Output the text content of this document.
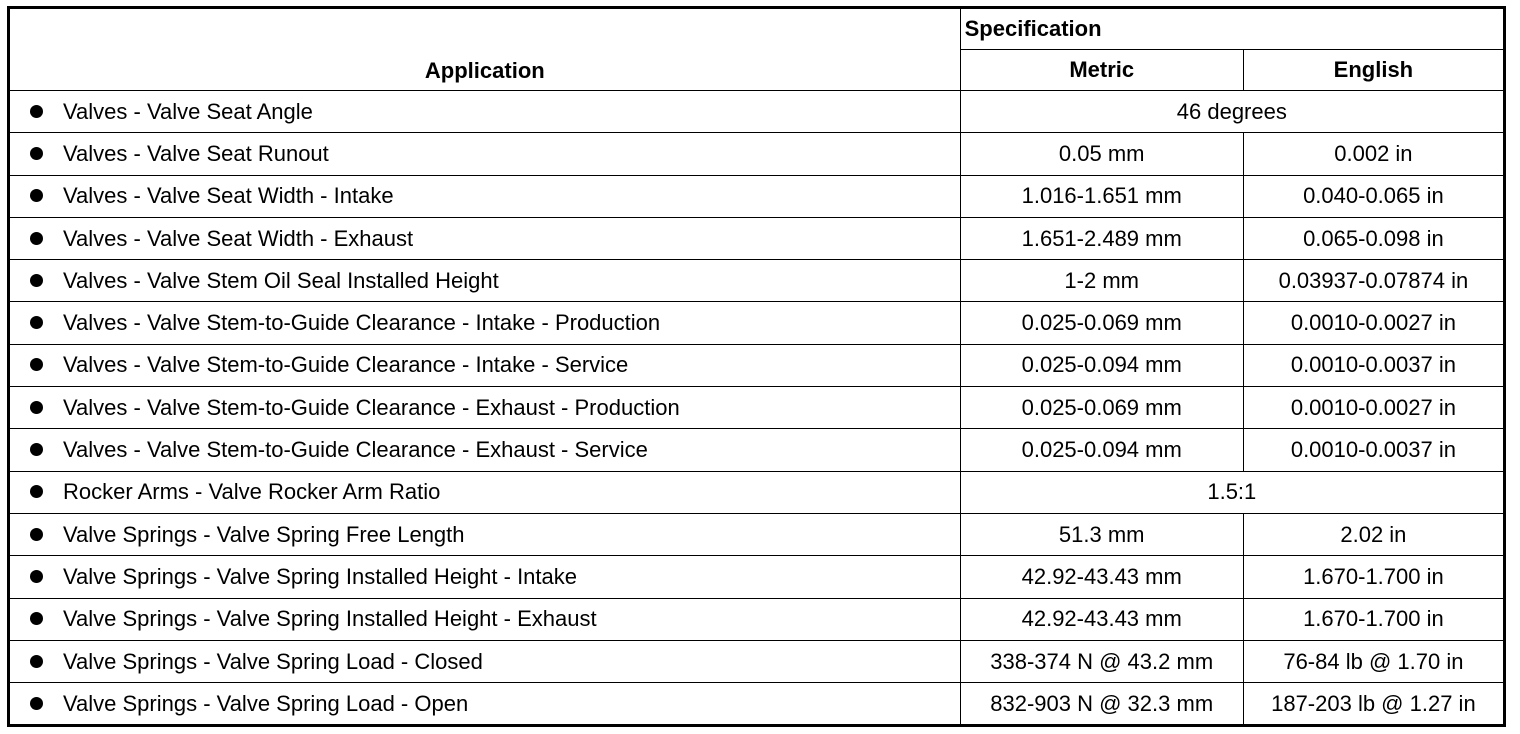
Application	Specification	
	Metric	English
Valves - Valve Seat Angle	46 degrees	
Valves - Valve Seat Runout	0.05 mm	0.002 in
Valves - Valve Seat Width - Intake	1.016-1.651 mm	0.040-0.065 in
Valves - Valve Seat Width - Exhaust	1.651-2.489 mm	0.065-0.098 in
Valves - Valve Stem Oil Seal Installed Height	1-2 mm	0.03937-0.07874 in
Valves - Valve Stem-to-Guide Clearance - Intake - Production	0.025-0.069 mm	0.0010-0.0027 in
Valves - Valve Stem-to-Guide Clearance - Intake - Service	0.025-0.094 mm	0.0010-0.0037 in
Valves - Valve Stem-to-Guide Clearance - Exhaust - Production	0.025-0.069 mm	0.0010-0.0027 in
Valves - Valve Stem-to-Guide Clearance - Exhaust - Service	0.025-0.094 mm	0.0010-0.0037 in
Rocker Arms - Valve Rocker Arm Ratio	1.5:1	
Valve Springs - Valve Spring Free Length	51.3 mm	2.02 in
Valve Springs - Valve Spring Installed Height - Intake	42.92-43.43 mm	1.670-1.700 in
Valve Springs - Valve Spring Installed Height - Exhaust	42.92-43.43 mm	1.670-1.700 in
Valve Springs - Valve Spring Load - Closed	338-374 N @ 43.2 mm	76-84 lb @ 1.70 in
Valve Springs - Valve Spring Load - Open	832-903 N @ 32.3 mm	187-203 lb @ 1.27 in
